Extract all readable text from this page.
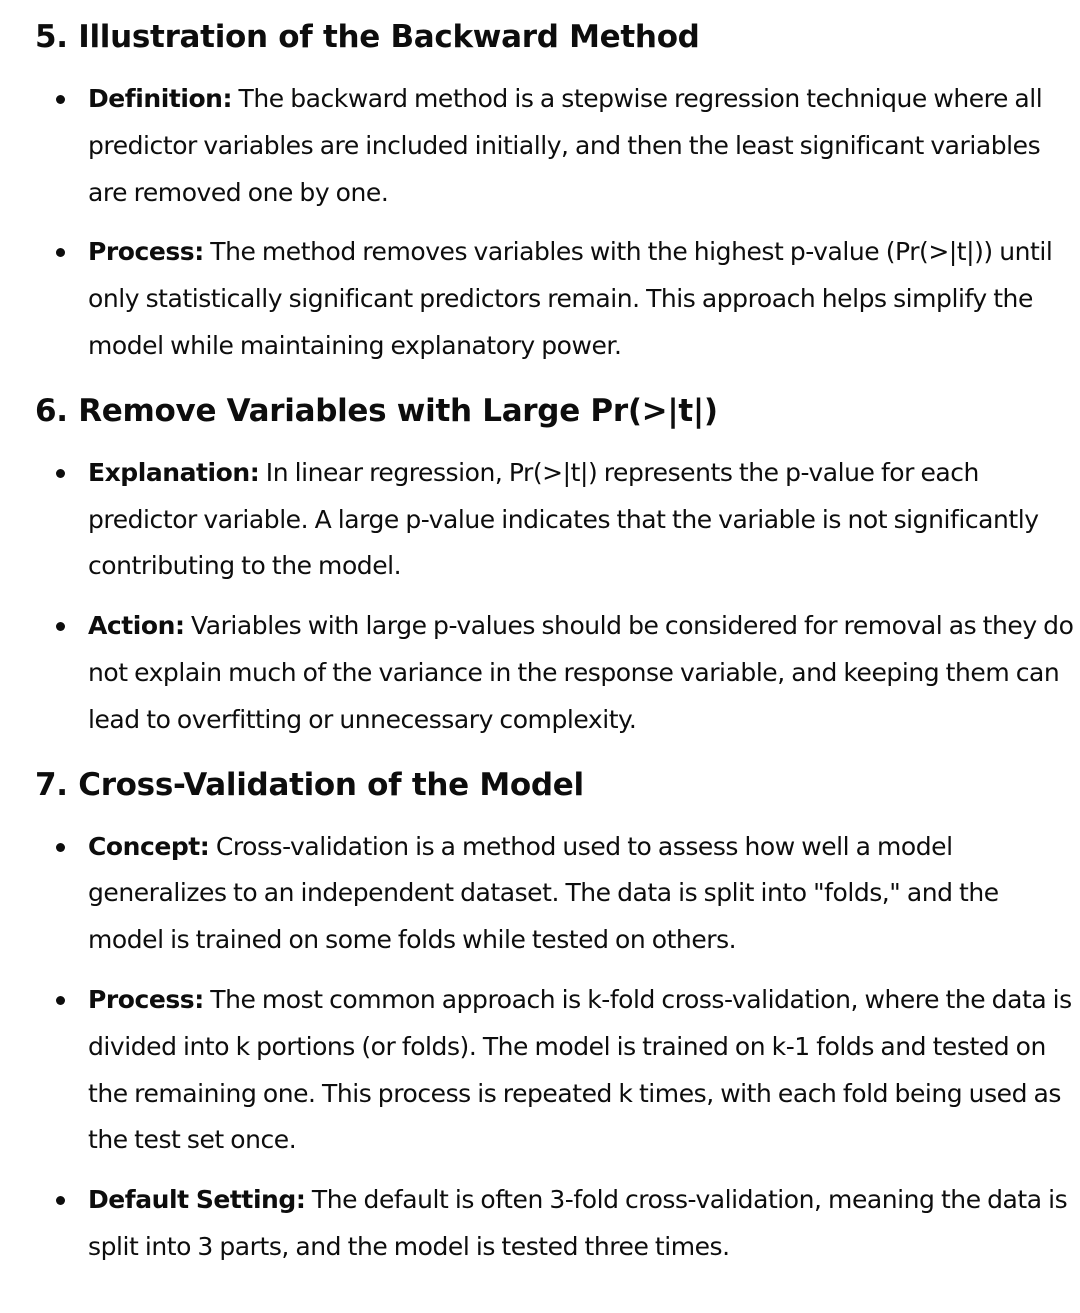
5. Illustration of the Backward Method
Definition: The backward method is a stepwise regression technique where all predictor variables are included initially, and then the least significant variables are removed one by one.
Process: The method removes variables with the highest p-value (Pr(>|t|)) until only statistically significant predictors remain. This approach helps simplify the model while maintaining explanatory power.
6. Remove Variables with Large Pr(>|t|)
Explanation: In linear regression, Pr(>|t|) represents the p-value for each predictor variable. A large p-value indicates that the variable is not significantly contributing to the model.
Action: Variables with large p-values should be considered for removal as they do not explain much of the variance in the response variable, and keeping them can lead to overfitting or unnecessary complexity.
7. Cross-Validation of the Model
Concept: Cross-validation is a method used to assess how well a model generalizes to an independent dataset. The data is split into "folds," and the model is trained on some folds while tested on others.
Process: The most common approach is k-fold cross-validation, where the data is divided into k portions (or folds). The model is trained on k-1 folds and tested on the remaining one. This process is repeated k times, with each fold being used as the test set once.
Default Setting: The default is often 3-fold cross-validation, meaning the data is split into 3 parts, and the model is tested three times.
